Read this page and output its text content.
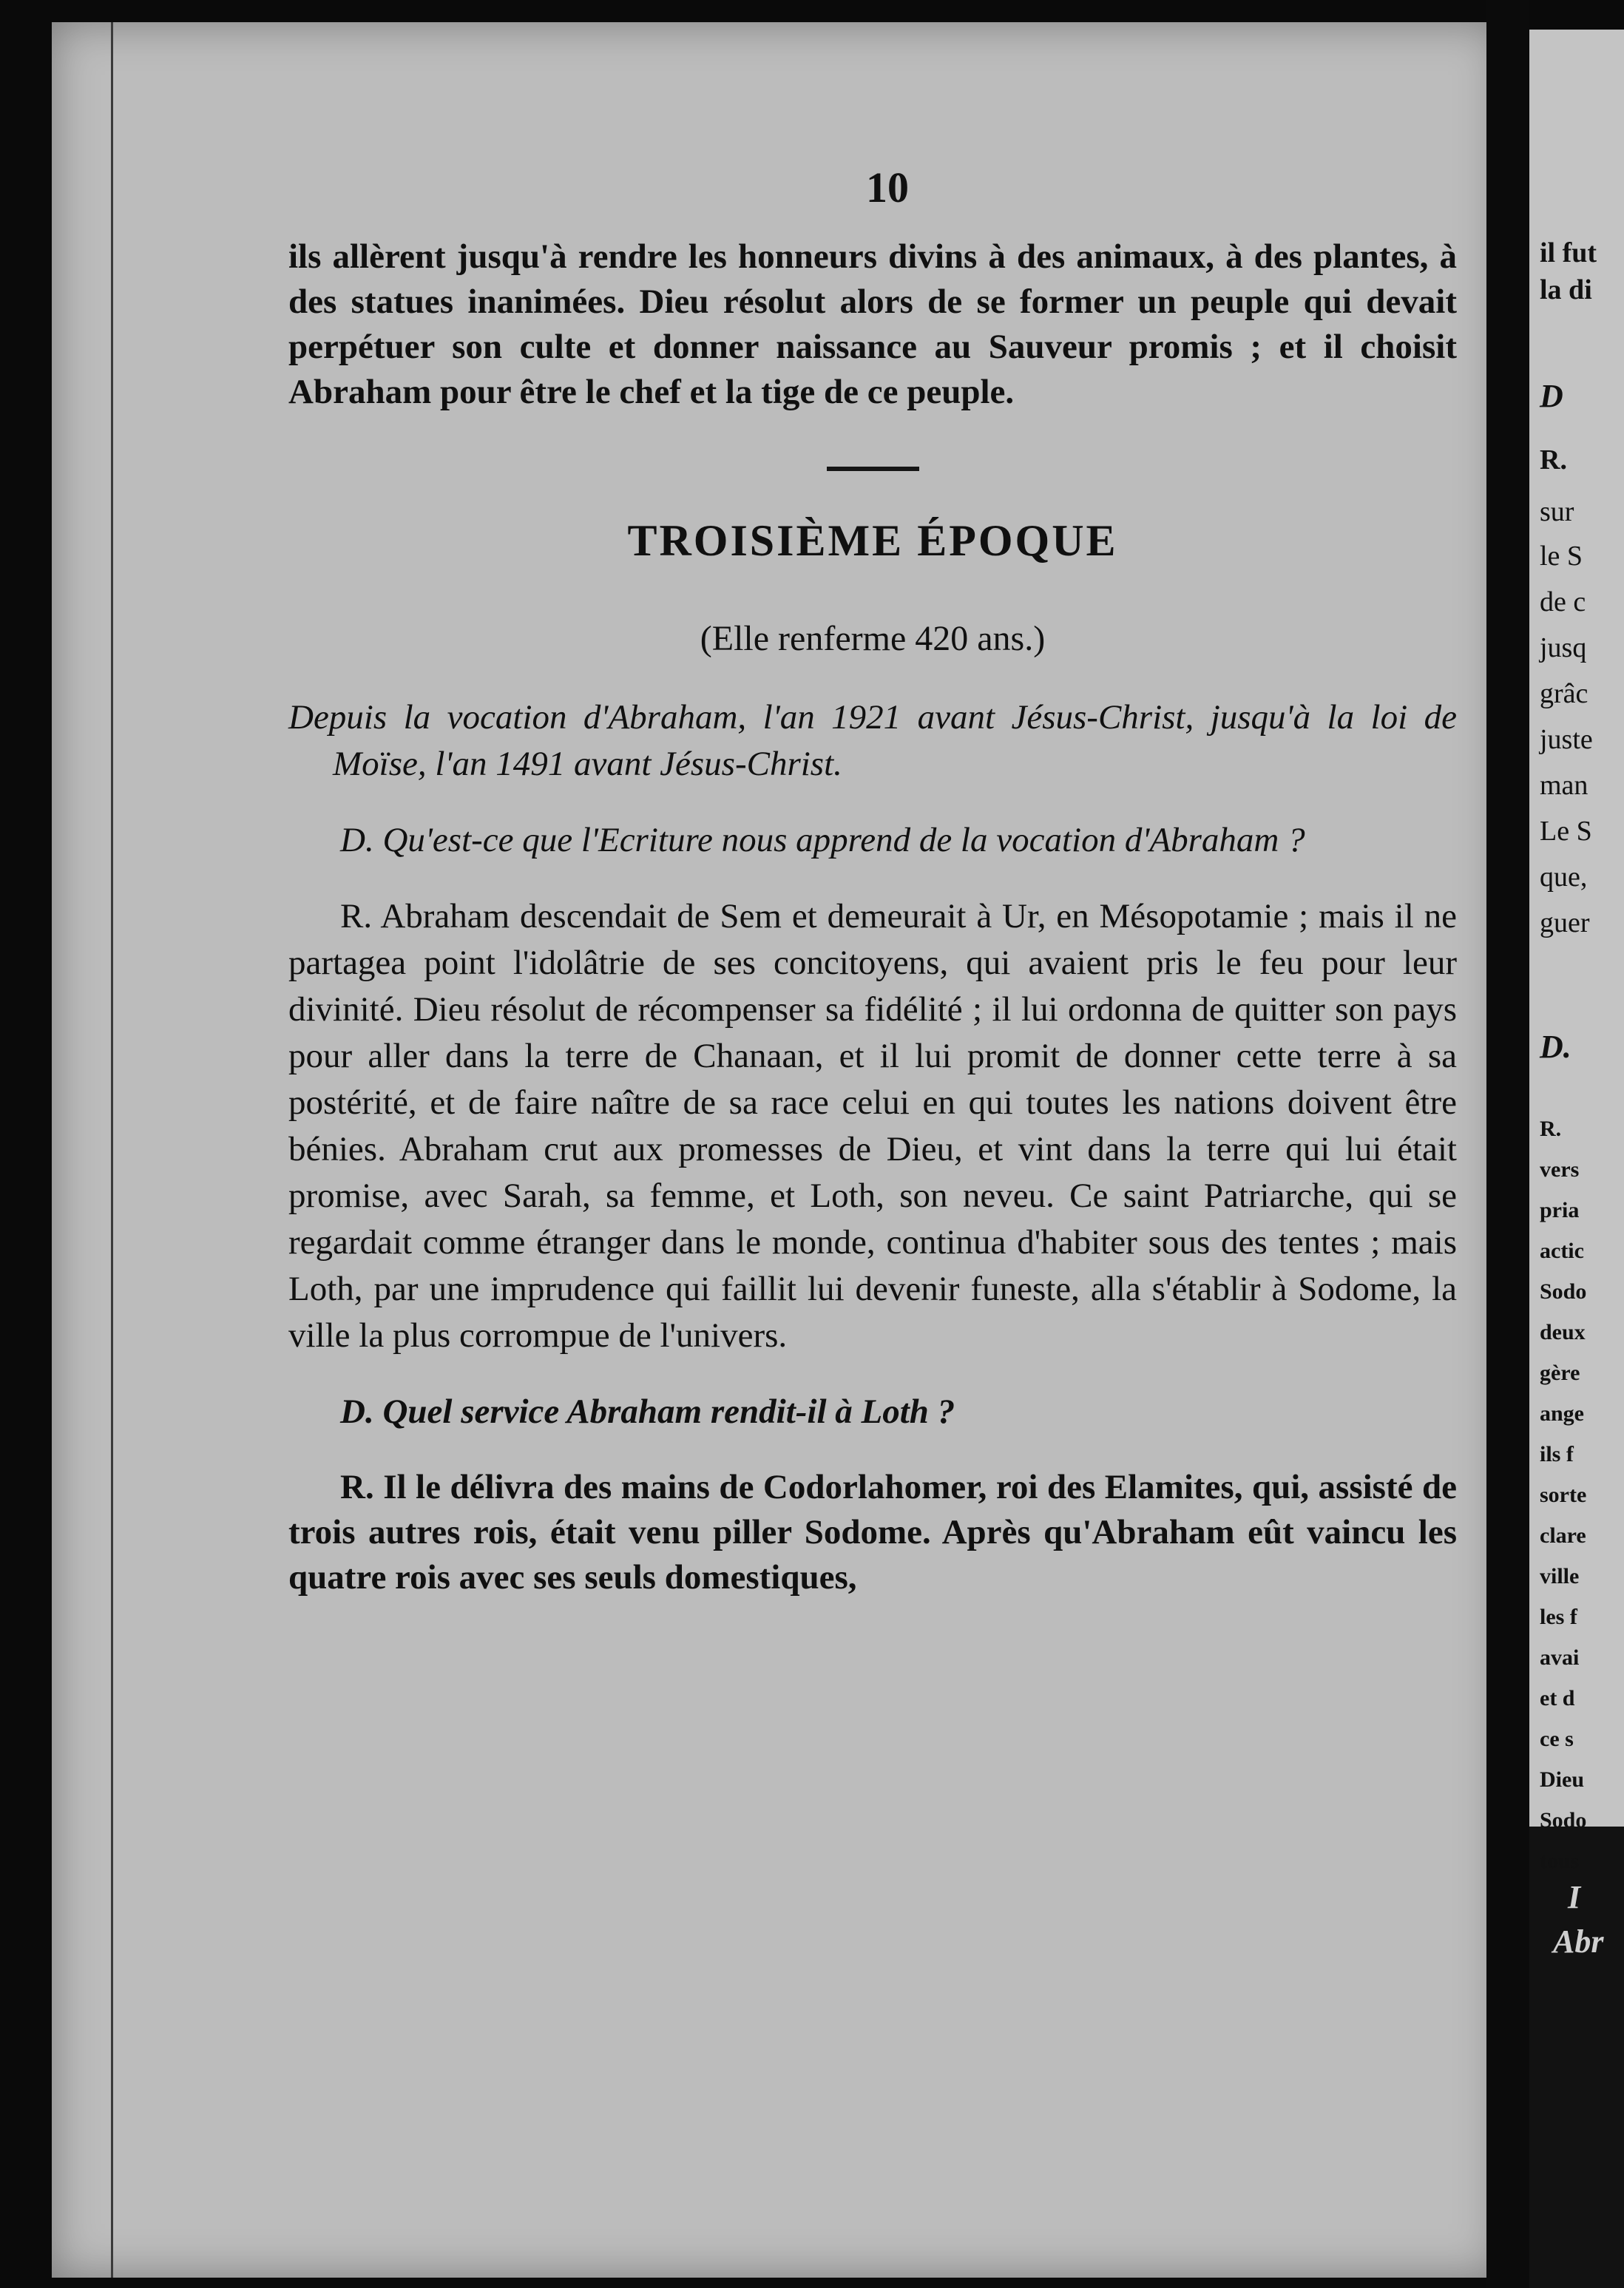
il fut
la di
D
R.
sur
le S
de c
jusq
grâc
juste
man
Le S
que,
guer
D.
R.
vers
pria
actic
Sodo
deux
gère
ange
ils f
sorte
clare
ville
les f
avai
et d
ce s
Dieu
Sodo
tous
I
Abr
10

ils allèrent jusqu'à rendre les honneurs divins à des animaux, à des plantes, à des statues inanimées. Dieu résolut alors de se former un peuple qui devait perpétuer son culte et donner naissance au Sauveur promis ; et il choisit Abraham pour être le chef et la tige de ce peuple.

TROISIÈME ÉPOQUE
(Elle renferme 420 ans.)

Depuis la vocation d'Abraham, l'an 1921 avant Jésus-Christ, jusqu'à la loi de Moïse, l'an 1491 avant Jésus-Christ.

D. Qu'est-ce que l'Ecriture nous apprend de la vocation d'Abraham ?

R. Abraham descendait de Sem et demeurait à Ur, en Mésopotamie ; mais il ne partagea point l'idolâtrie de ses concitoyens, qui avaient pris le feu pour leur divinité. Dieu résolut de récompenser sa fidélité ; il lui ordonna de quitter son pays pour aller dans la terre de Chanaan, et il lui promit de donner cette terre à sa postérité, et de faire naître de sa race celui en qui toutes les nations doivent être bénies. Abraham crut aux promesses de Dieu, et vint dans la terre qui lui était promise, avec Sarah, sa femme, et Loth, son neveu. Ce saint Patriarche, qui se regardait comme étranger dans le monde, continua d'habiter sous des tentes ; mais Loth, par une imprudence qui faillit lui devenir funeste, alla s'établir à Sodome, la ville la plus corrompue de l'univers.

D. Quel service Abraham rendit-il à Loth ?

R. Il le délivra des mains de Codorlahomer, roi des Elamites, qui, assisté de trois autres rois, était venu piller Sodome. Après qu'Abraham eût vaincu les quatre rois avec ses seuls domestiques,
